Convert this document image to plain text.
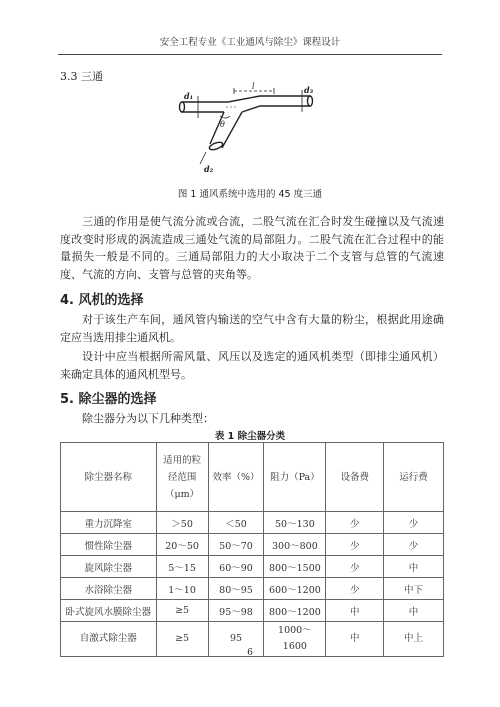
安全工程专业《工业通风与除尘》课程设计
3.3 三通
d₁
l	d₃
θ
d₂
图 1 通风系统中选用的 45 度三通
三通的作用是使气流分流或合流，二股气流在汇合时发生碰撞以及气流速度改变时形成的涡流造成三通处气流的局部阻力。二股气流在汇合过程中的能量损失一般是不同的。三通局部阻力的大小取决于二个支管与总管的气流速度、气流的方向、支管与总管的夹角等。
4. 风机的选择
对于该生产车间，通风管内输送的空气中含有大量的粉尘，根据此用途确定应当选用排尘通风机。
设计中应当根据所需风量、风压以及选定的通风机类型（即排尘通风机）来确定具体的通风机型号。
5. 除尘器的选择
除尘器分为以下几种类型：
表 1 除尘器分类
除尘器名称	适用的粒径范围（μm）	效率（%）	阻力（Pa）	设备费	运行费
重力沉降室	＞50	＜50	50～130	少	少
惯性除尘器	20～50	50～70	300～800	少	少
旋风除尘器	5～15	60～90	800～1500	少	中
水浴除尘器	1～10	80～95	600～1200	少	中下
卧式旋风水膜除尘器	≥5	95～98	800～1200	中	中
自激式除尘器	≥5	95	1000～1600	中	中上
6
